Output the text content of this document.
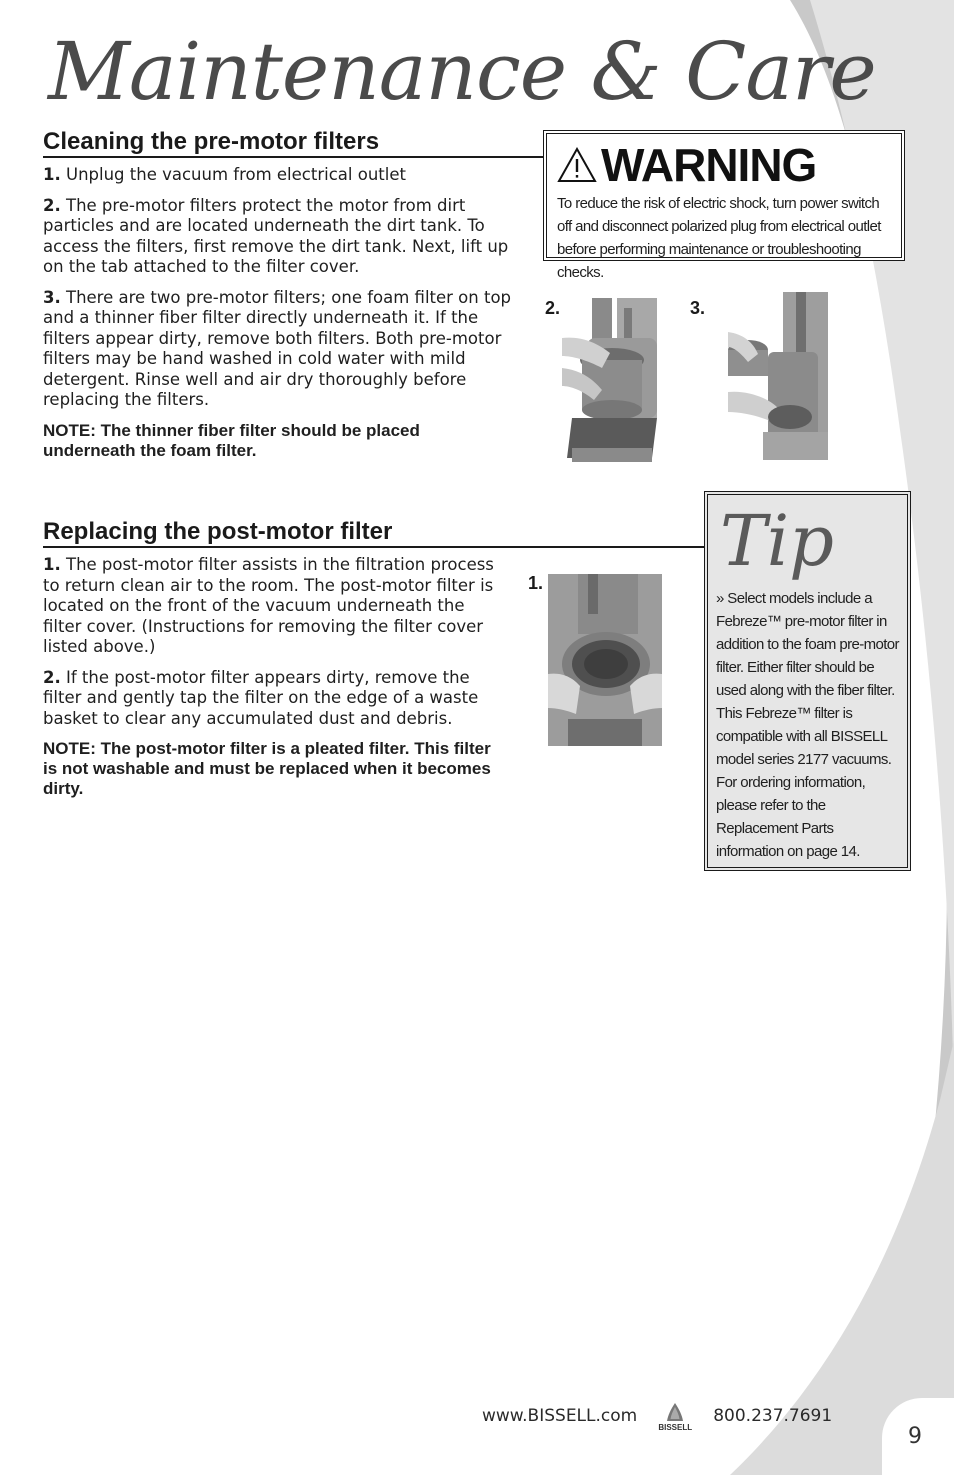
Maintenance & Care
Cleaning the pre-motor filters

1. Unplug the vacuum from electrical outlet

2. The pre-motor filters protect the motor from dirt particles and are located underneath the dirt tank. To access the filters, first remove the dirt tank. Next, lift up on the tab attached to the filter cover.

3. There are two pre-motor filters; one foam filter on top and a thinner fiber filter directly underneath it. If the filters appear dirty, remove both filters. Both pre-motor filters may be hand washed in cold water with mild detergent. Rinse well and air dry thoroughly before replacing the filters.

NOTE: The thinner fiber filter should be placed underneath the foam filter.

Replacing the post-motor filter

1. The post-motor filter assists in the filtration process to return clean air to the room. The post-motor filter is located on the front of the vacuum underneath the filter cover. (Instructions for removing the filter cover listed above.)

2. If the post-motor filter appears dirty, remove the filter and gently tap the filter on the edge of a waste basket to clear any accumulated dust and debris.

NOTE: The post-motor filter is a pleated filter. This filter is not washable and must be replaced when it becomes dirty.

WARNING
To reduce the risk of electric shock, turn power switch off and disconnect polarized plug from electrical outlet before performing maintenance or troubleshooting checks.
2.	3.
1.
Tip
» Select models include a Febreze™ pre-motor filter in addition to the foam pre-motor filter. Either filter should be used along with the fiber filter. This Febreze™ filter is compatible with all BISSELL model series 2177 vacuums. For ordering information, please refer to the Replacement Parts information on page 14.
www.BISSELL.com
BISSELL
800.237.7691
9
